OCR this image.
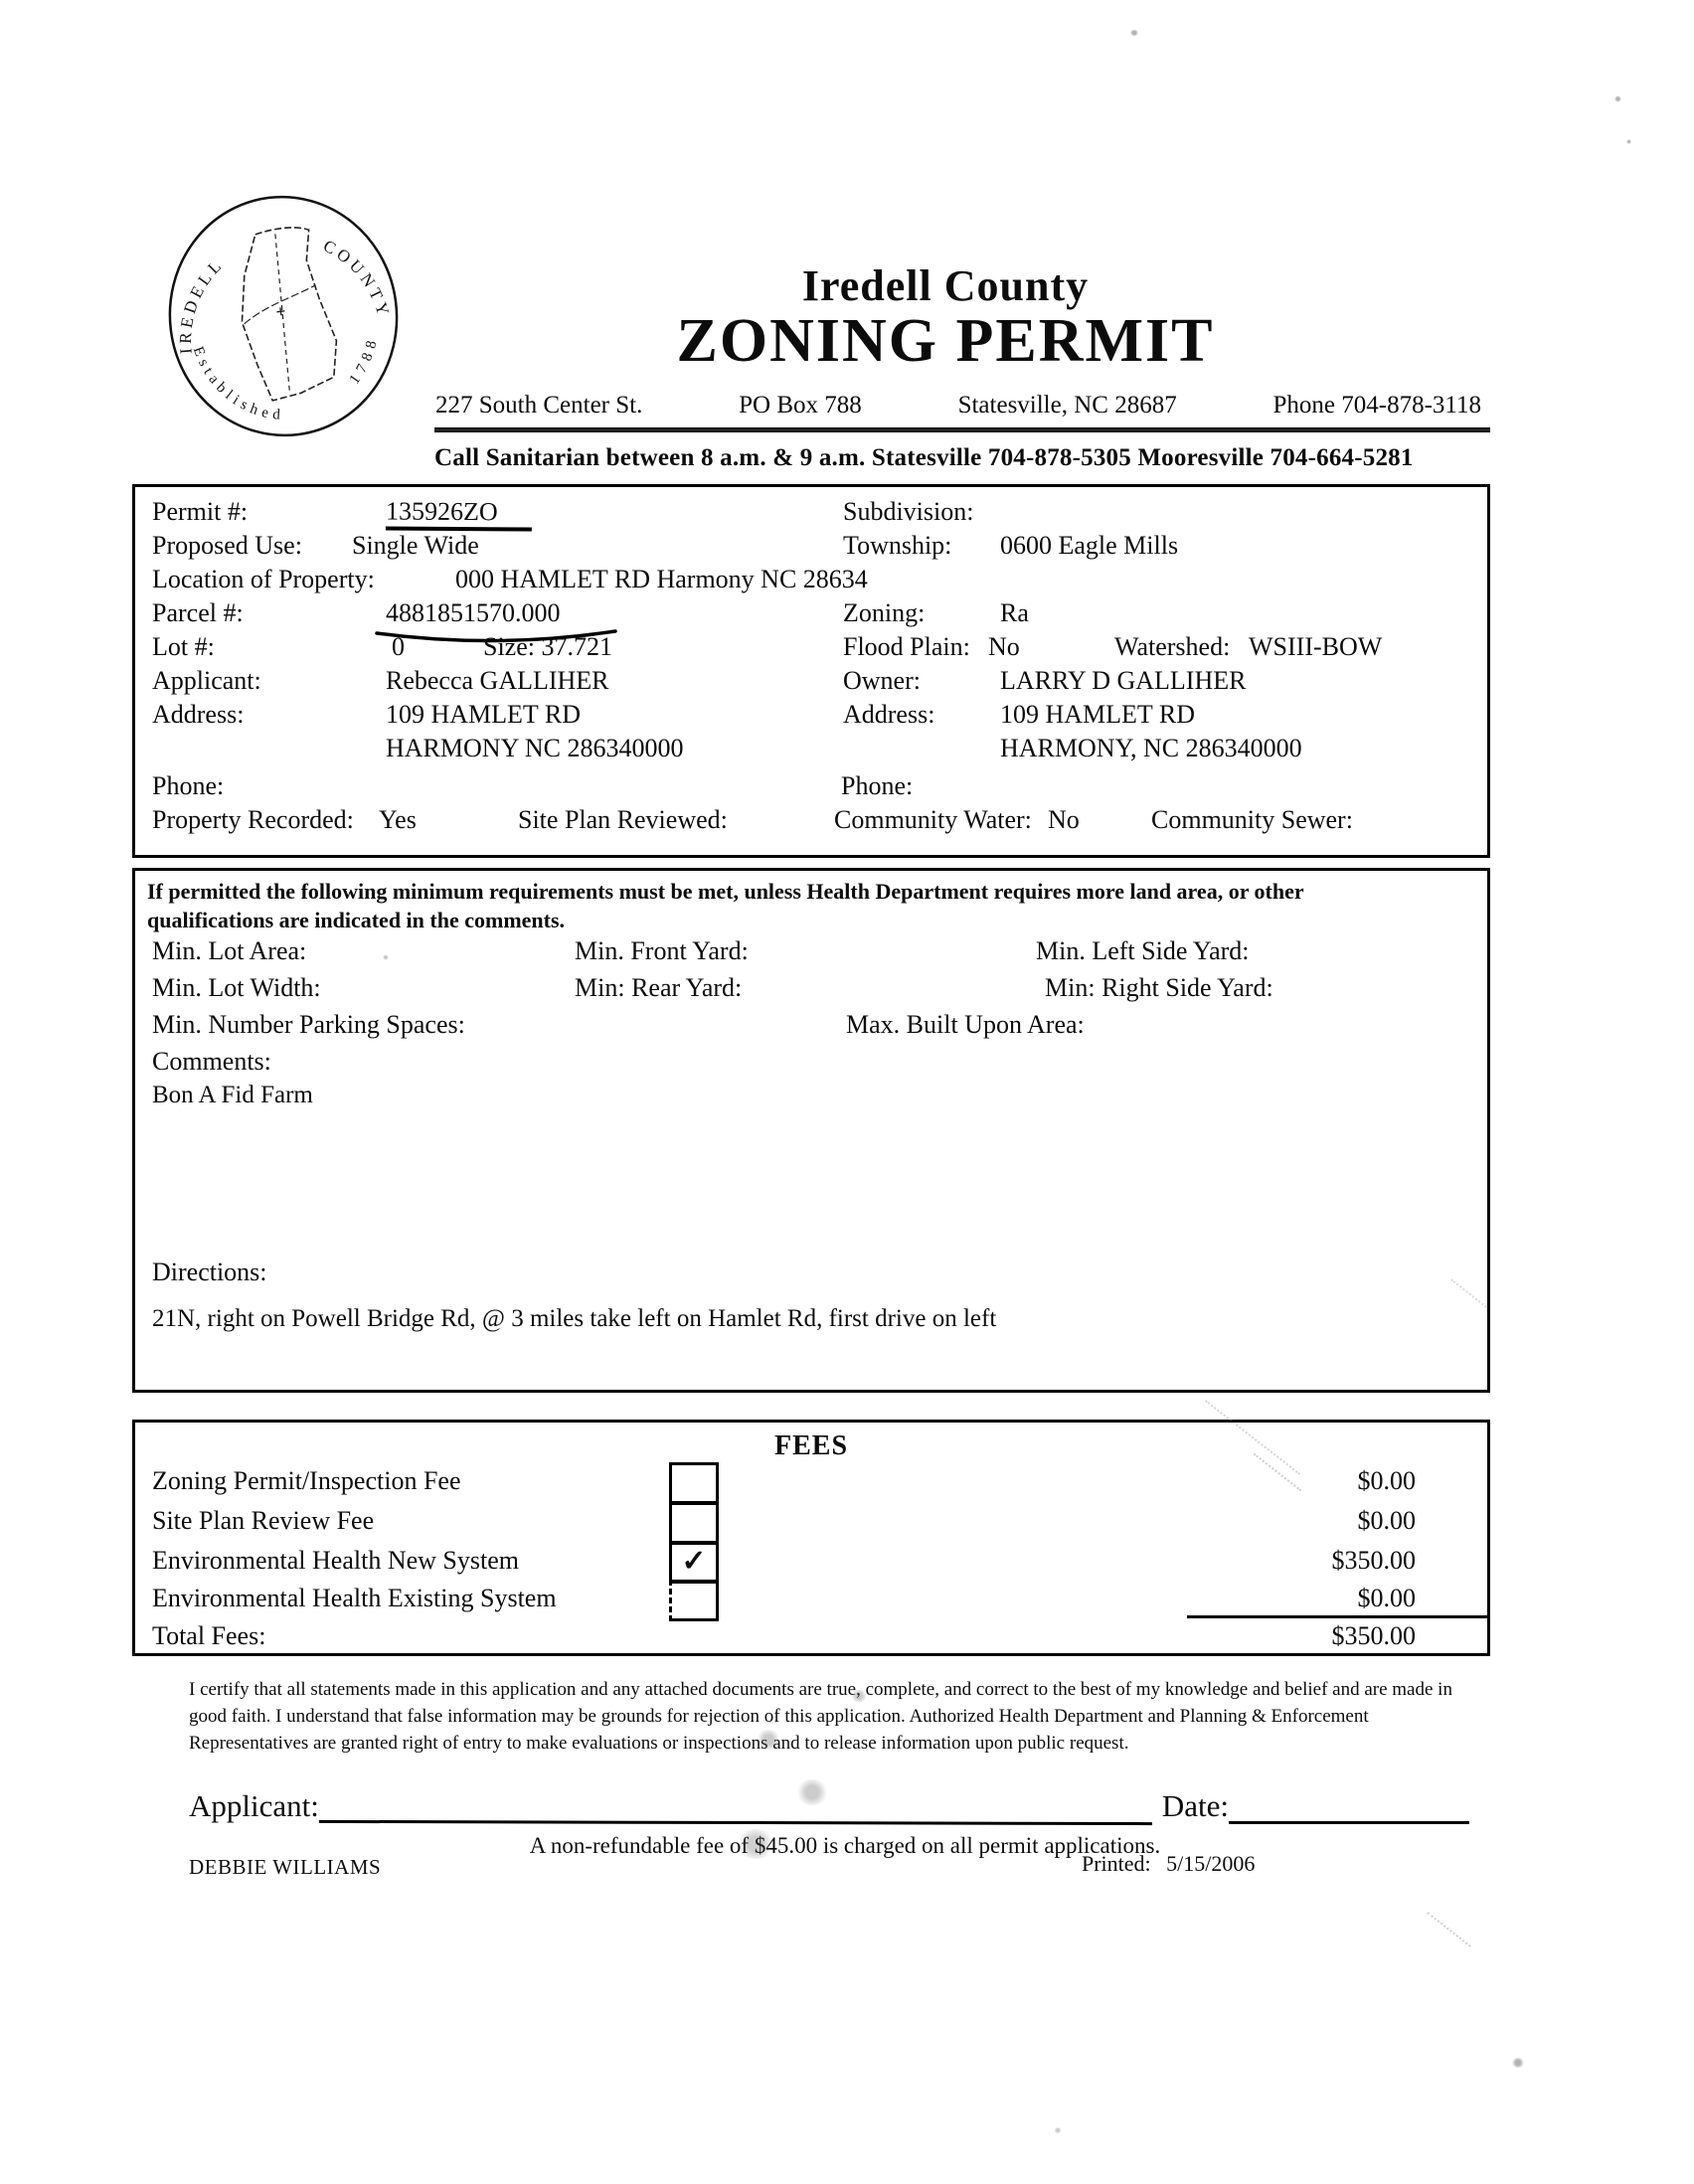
IREDELL
COUNTY
Established
1788
Iredell County
ZONING PERMIT
227 South Center St.	PO Box 788	Statesville, NC 28687	Phone 704-878-3118
Call Sanitarian between 8 a.m. & 9 a.m. Statesville 704-878-5305 Mooresville 704-664-5281
Permit #:	135926ZO	Subdivision:
Proposed Use: Single Wide	Township: 0600 Eagle Mills
Location of Property:	000 HAMLET RD Harmony NC 28634
Parcel #:	4881851570.000	Zoning:	Ra
Lot #:	0	Size: 37.721	Flood Plain: No	Watershed: WSIII-BOW
Applicant:	Rebecca GALLIHER	Owner:	LARRY D GALLIHER
Address:	109 HAMLET RD	Address:	109 HAMLET RD
HARMONY NC 286340000	HARMONY, NC 286340000
Phone:	Phone:
Property Recorded: Yes	Site Plan Reviewed:	Community Water: No	Community Sewer:
If permitted the following minimum requirements must be met, unless Health Department requires more land area, or other qualifications are indicated in the comments.
Min. Lot Area:	Min. Front Yard:	Min. Left Side Yard:
Min. Lot Width:	Min: Rear Yard:	Min: Right Side Yard:
Min. Number Parking Spaces:	Max. Built Upon Area:
Comments:
Bon A Fid Farm
Directions:
21N, right on Powell Bridge Rd, @ 3 miles take left on Hamlet Rd, first drive on left
FEES
Zoning Permit/Inspection Fee	$0.00
Site Plan Review Fee	$0.00
Environmental Health New System	$350.00
✓
Environmental Health Existing System	$0.00
Total Fees:	$350.00
I certify that all statements made in this application and any attached documents are true, complete, and correct to the best of my knowledge and belief and are made in good faith. I understand that false information may be grounds for rejection of this application. Authorized Health Department and Planning & Enforcement Representatives are granted right of entry to make evaluations or inspections and to release information upon public request.
Applicant:	Date:
A non-refundable fee of $45.00 is charged on all permit applications.
DEBBIE WILLIAMS	Printed: 5/15/2006
